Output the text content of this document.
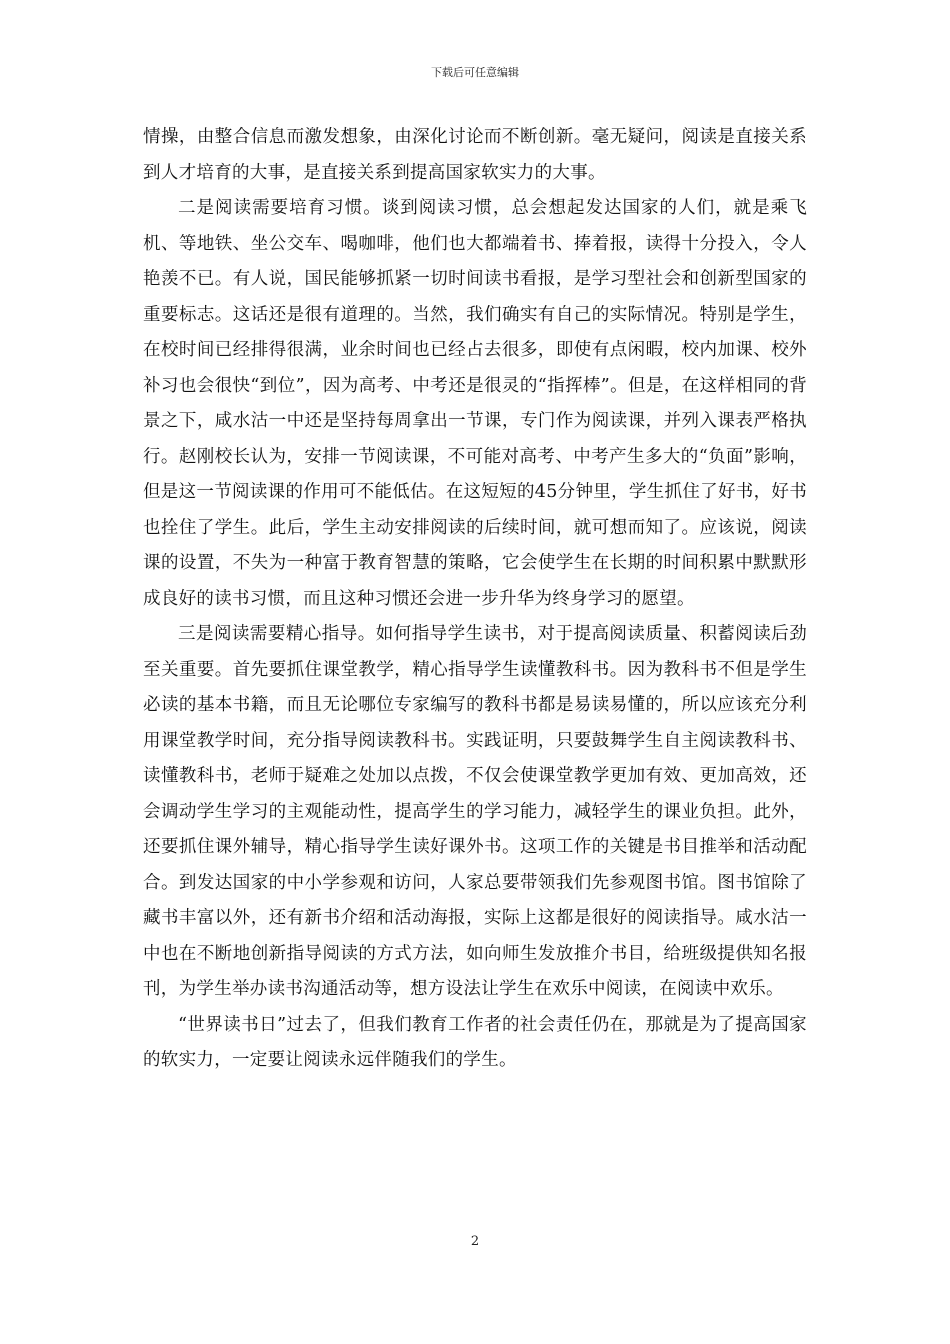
下载后可任意编辑

情操，由整合信息而激发想象，由深化讨论而不断创新。毫无疑问，阅读是直接关系到人才培育的大事，是直接关系到提高国家软实力的大事。

二是阅读需要培育习惯。谈到阅读习惯，总会想起发达国家的人们，就是乘飞机、等地铁、坐公交车、喝咖啡，他们也大都端着书、捧着报，读得十分投入，令人艳羡不已。有人说，国民能够抓紧一切时间读书看报，是学习型社会和创新型国家的重要标志。这话还是很有道理的。当然，我们确实有自己的实际情况。特别是学生，在校时间已经排得很满，业余时间也已经占去很多，即使有点闲暇，校内加课、校外补习也会很快“到位”，因为高考、中考还是很灵的“指挥棒”。但是，在这样相同的背景之下，咸水沽一中还是坚持每周拿出一节课，专门作为阅读课，并列入课表严格执行。赵刚校长认为，安排一节阅读课，不可能对高考、中考产生多大的“负面”影响，但是这一节阅读课的作用可不能低估。在这短短的45分钟里，学生抓住了好书，好书也拴住了学生。此后，学生主动安排阅读的后续时间，就可想而知了。应该说，阅读课的设置，不失为一种富于教育智慧的策略，它会使学生在长期的时间积累中默默形成良好的读书习惯，而且这种习惯还会进一步升华为终身学习的愿望。

三是阅读需要精心指导。如何指导学生读书，对于提高阅读质量、积蓄阅读后劲至关重要。首先要抓住课堂教学，精心指导学生读懂教科书。因为教科书不但是学生必读的基本书籍，而且无论哪位专家编写的教科书都是易读易懂的，所以应该充分利用课堂教学时间，充分指导阅读教科书。实践证明，只要鼓舞学生自主阅读教科书、读懂教科书，老师于疑难之处加以点拨，不仅会使课堂教学更加有效、更加高效，还会调动学生学习的主观能动性，提高学生的学习能力，减轻学生的课业负担。此外，还要抓住课外辅导，精心指导学生读好课外书。这项工作的关键是书目推举和活动配合。到发达国家的中小学参观和访问，人家总要带领我们先参观图书馆。图书馆除了藏书丰富以外，还有新书介绍和活动海报，实际上这都是很好的阅读指导。咸水沽一中也在不断地创新指导阅读的方式方法，如向师生发放推介书目，给班级提供知名报刊，为学生举办读书沟通活动等，想方设法让学生在欢乐中阅读，在阅读中欢乐。

“世界读书日”过去了，但我们教育工作者的社会责任仍在，那就是为了提高国家的软实力，一定要让阅读永远伴随我们的学生。

2
